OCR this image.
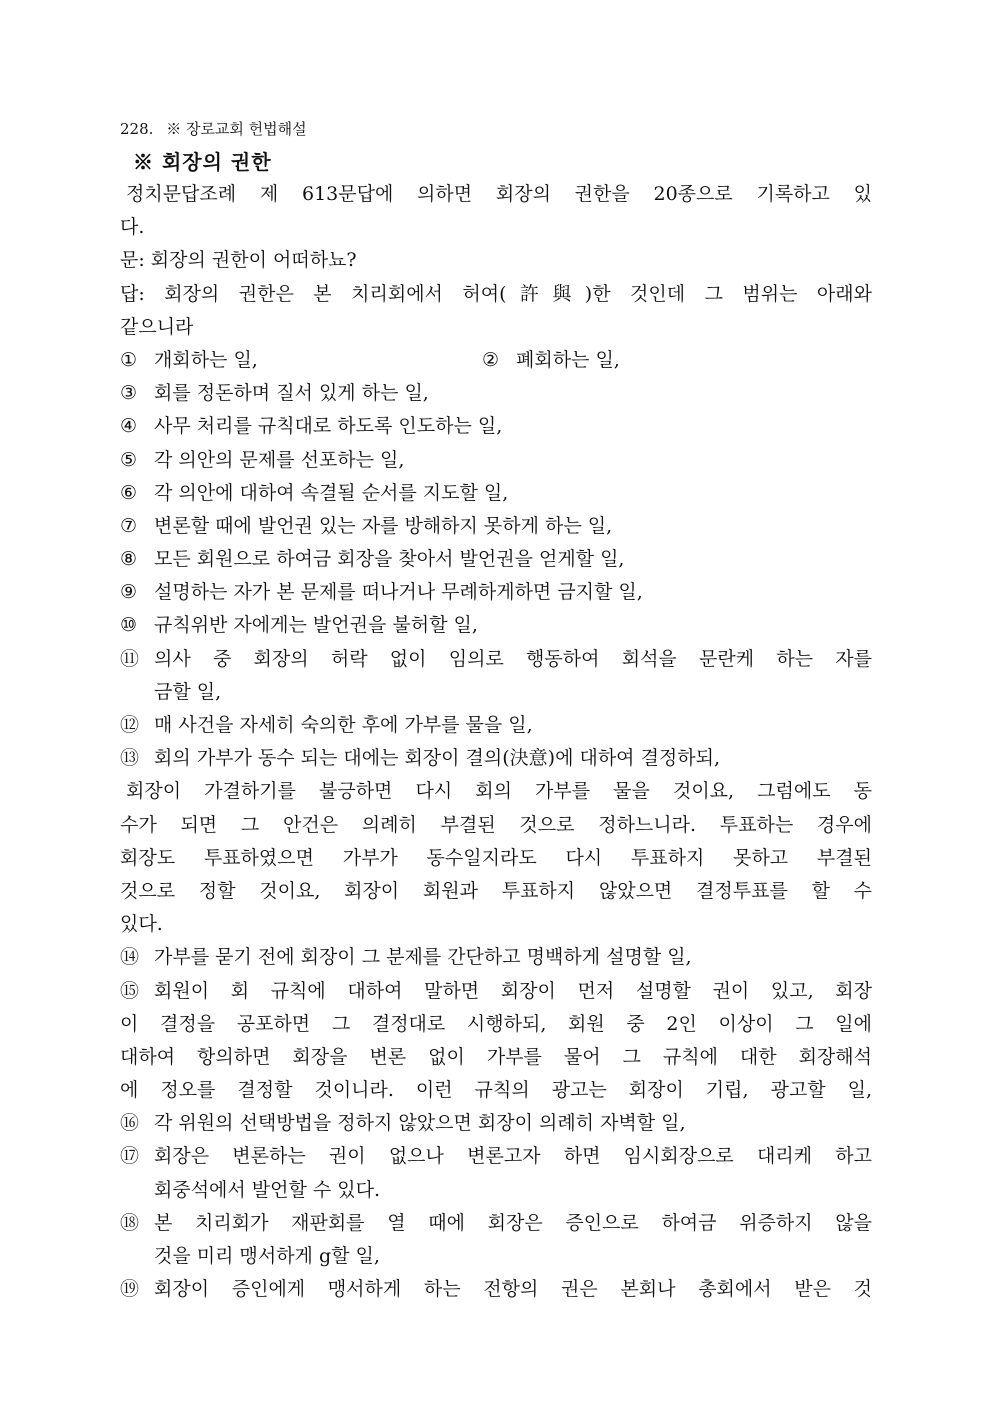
228. ※ 장로교회 헌법해설
※ 회장의 권한
정치문답조례 제 613문답에 의하면 회장의 권한을 20종으로 기록하고 있
다.
문: 회장의 권한이 어떠하뇨?
답: 회장의 권한은 본 치리회에서 허여(許與)한 것인데 그 범위는 아래와
같으니라
① 개회하는 일,	② 폐회하는 일,
③ 회를 정돈하며 질서 있게 하는 일,
④ 사무 처리를 규칙대로 하도록 인도하는 일,
⑤ 각 의안의 문제를 선포하는 일,
⑥ 각 의안에 대하여 속결될 순서를 지도할 일,
⑦ 변론할 때에 발언권 있는 자를 방해하지 못하게 하는 일,
⑧ 모든 회원으로 하여금 회장을 찾아서 발언권을 얻게할 일,
⑨ 설명하는 자가 본 문제를 떠나거나 무례하게하면 금지할 일,
⑩ 규칙위반 자에게는 발언권을 불허할 일,
⑪ 의사 중 회장의 허락 없이 임의로 행동하여 회석을 문란케 하는 자를
금할 일,
⑫ 매 사건을 자세히 숙의한 후에 가부를 물을 일,
⑬ 회의 가부가 동수 되는 대에는 회장이 결의(決意)에 대하여 결정하되,
회장이 가결하기를 불긍하면 다시 회의 가부를 물을 것이요, 그럼에도 동
수가 되면 그 안건은 의례히 부결된 것으로 정하느니라. 투표하는 경우에
회장도 투표하였으면 가부가 동수일지라도 다시 투표하지 못하고 부결된
것으로 정할 것이요, 회장이 회원과 투표하지 않았으면 결정투표를 할 수
있다.
⑭ 가부를 묻기 전에 회장이 그 분제를 간단하고 명백하게 설명할 일,
⑮ 회원이 회 규칙에 대하여 말하면 회장이 먼저 설명할 권이 있고, 회장
이 결정을 공포하면 그 결정대로 시행하되, 회원 중 2인 이상이 그 일에
대하여 항의하면 회장을 변론 없이 가부를 물어 그 규칙에 대한 회장해석
에 정오를 결정할 것이니라. 이런 규칙의 광고는 회장이 기립, 광고할 일,
⑯ 각 위원의 선택방법을 정하지 않았으면 회장이 의례히 자벽할 일,
⑰ 회장은 변론하는 권이 없으나 변론고자 하면 임시회장으로 대리케 하고
회중석에서 발언할 수 있다.
⑱ 본 치리회가 재판회를 열 때에 회장은 증인으로 하여금 위증하지 않을
것을 미리 맹서하게 g할 일,
⑲ 회장이 증인에게 맹서하게 하는 전항의 권은 본회나 총회에서 받은 것
